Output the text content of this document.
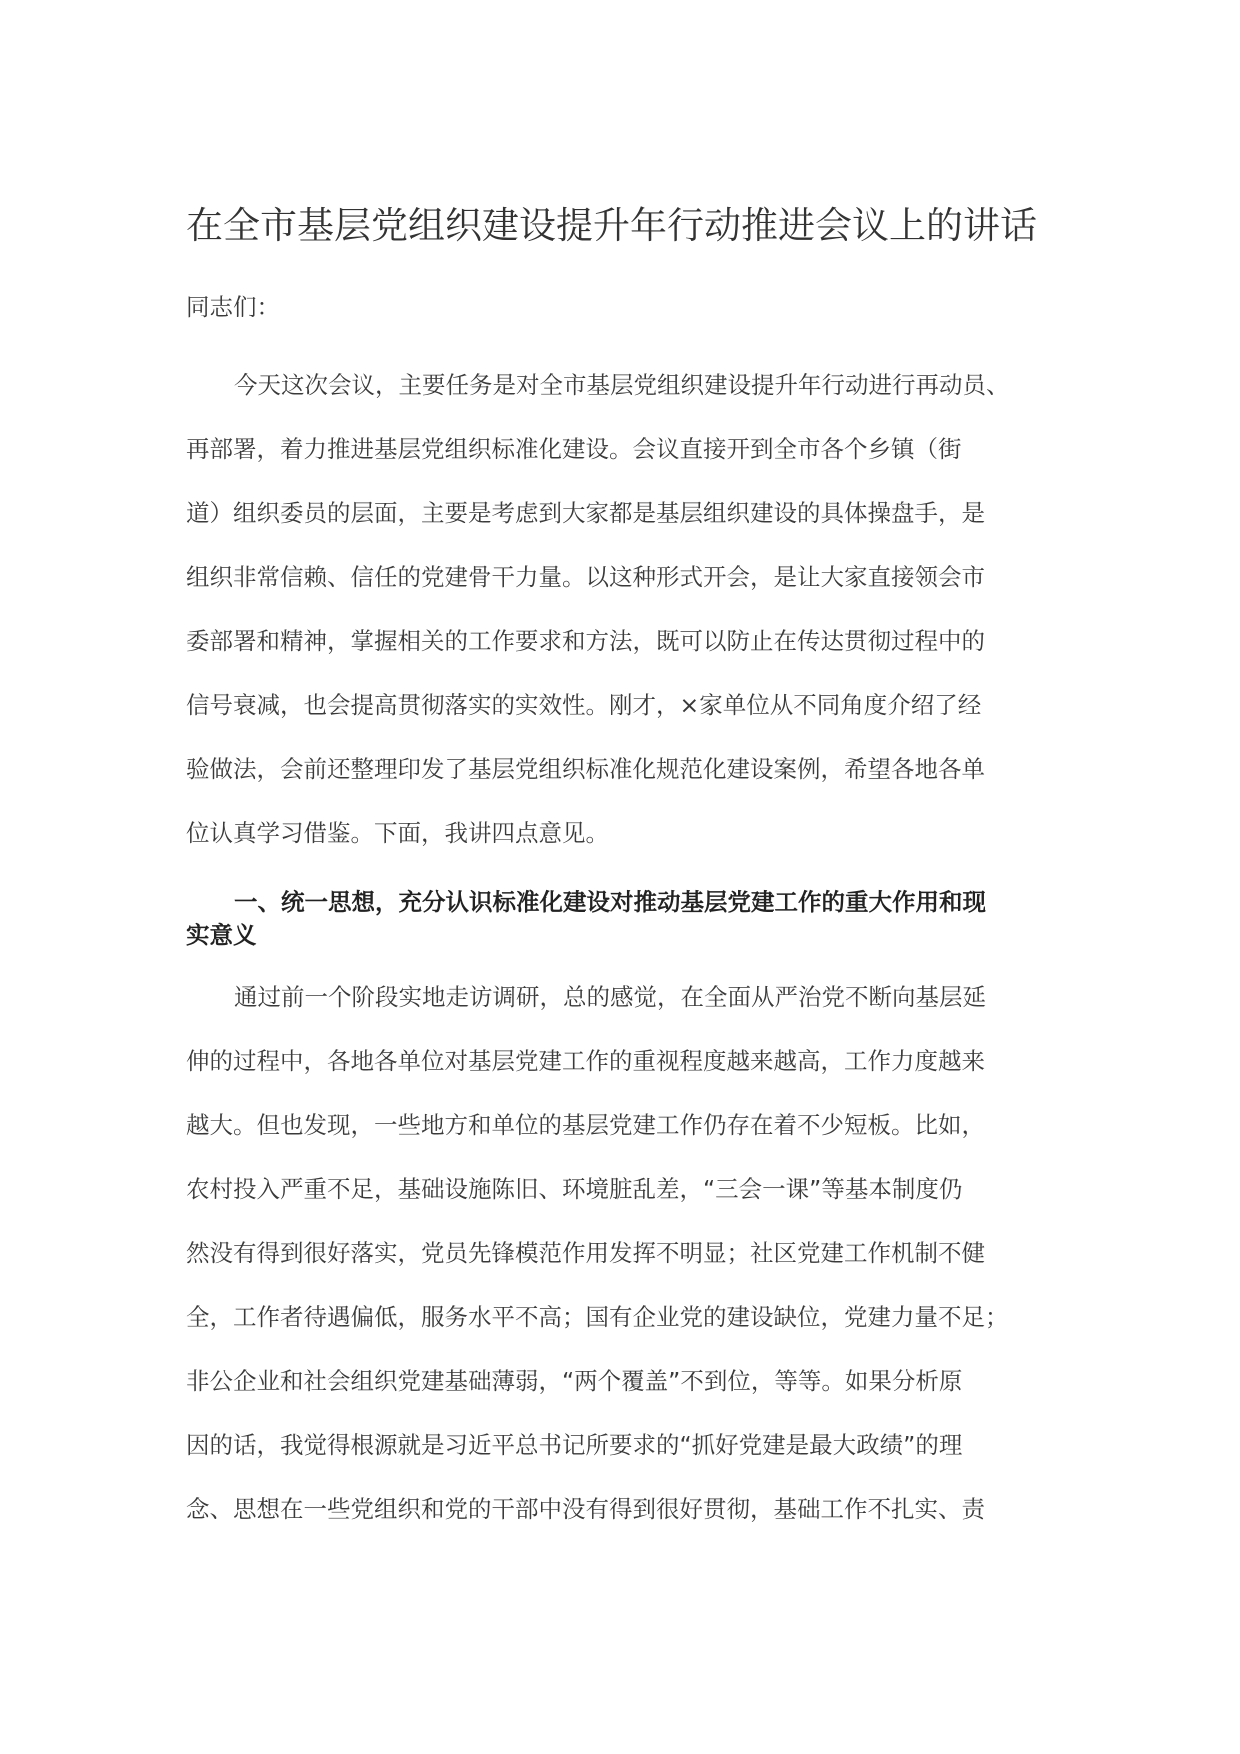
在全市基层党组织建设提升年行动推进会议上的讲话
同志们：
今天这次会议，主要任务是对全市基层党组织建设提升年行动进行再动员、
再部署，着力推进基层党组织标准化建设。会议直接开到全市各个乡镇（街
道）组织委员的层面，主要是考虑到大家都是基层组织建设的具体操盘手，是
组织非常信赖、信任的党建骨干力量。以这种形式开会，是让大家直接领会市
委部署和精神，掌握相关的工作要求和方法，既可以防止在传达贯彻过程中的
信号衰减，也会提高贯彻落实的实效性。刚才，×家单位从不同角度介绍了经
验做法，会前还整理印发了基层党组织标准化规范化建设案例，希望各地各单
位认真学习借鉴。下面，我讲四点意见。
一、统一思想，充分认识标准化建设对推动基层党建工作的重大作用和现
实意义
通过前一个阶段实地走访调研，总的感觉，在全面从严治党不断向基层延
伸的过程中，各地各单位对基层党建工作的重视程度越来越高，工作力度越来
越大。但也发现，一些地方和单位的基层党建工作仍存在着不少短板。比如，
农村投入严重不足，基础设施陈旧、环境脏乱差，“三会一课”等基本制度仍
然没有得到很好落实，党员先锋模范作用发挥不明显；社区党建工作机制不健
全，工作者待遇偏低，服务水平不高；国有企业党的建设缺位，党建力量不足；
非公企业和社会组织党建基础薄弱，“两个覆盖”不到位，等等。如果分析原
因的话，我觉得根源就是习近平总书记所要求的“抓好党建是最大政绩”的理
念、思想在一些党组织和党的干部中没有得到很好贯彻，基础工作不扎实、责
